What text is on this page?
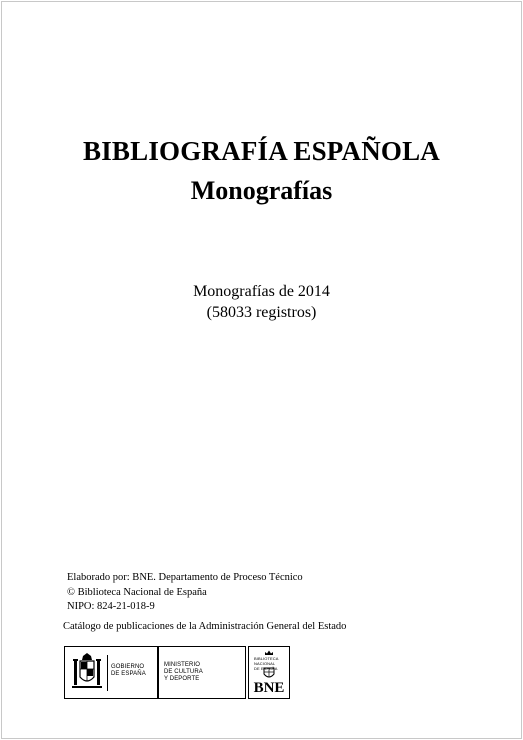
BIBLIOGRAFÍA ESPAÑOLA
Monografías
Monografías de 2014
(58033 registros)
Elaborado por: BNE. Departamento de Proceso Técnico
© Biblioteca Nacional de España
NIPO: 824-21-018-9
Catálogo de publicaciones de la Administración General del Estado
GOBIERNO
DE ESPAÑA
MINISTERIO
DE CULTURA
Y DEPORTE
BIBLIOTECA
NACIONAL
DE ESPAÑA
BNE
